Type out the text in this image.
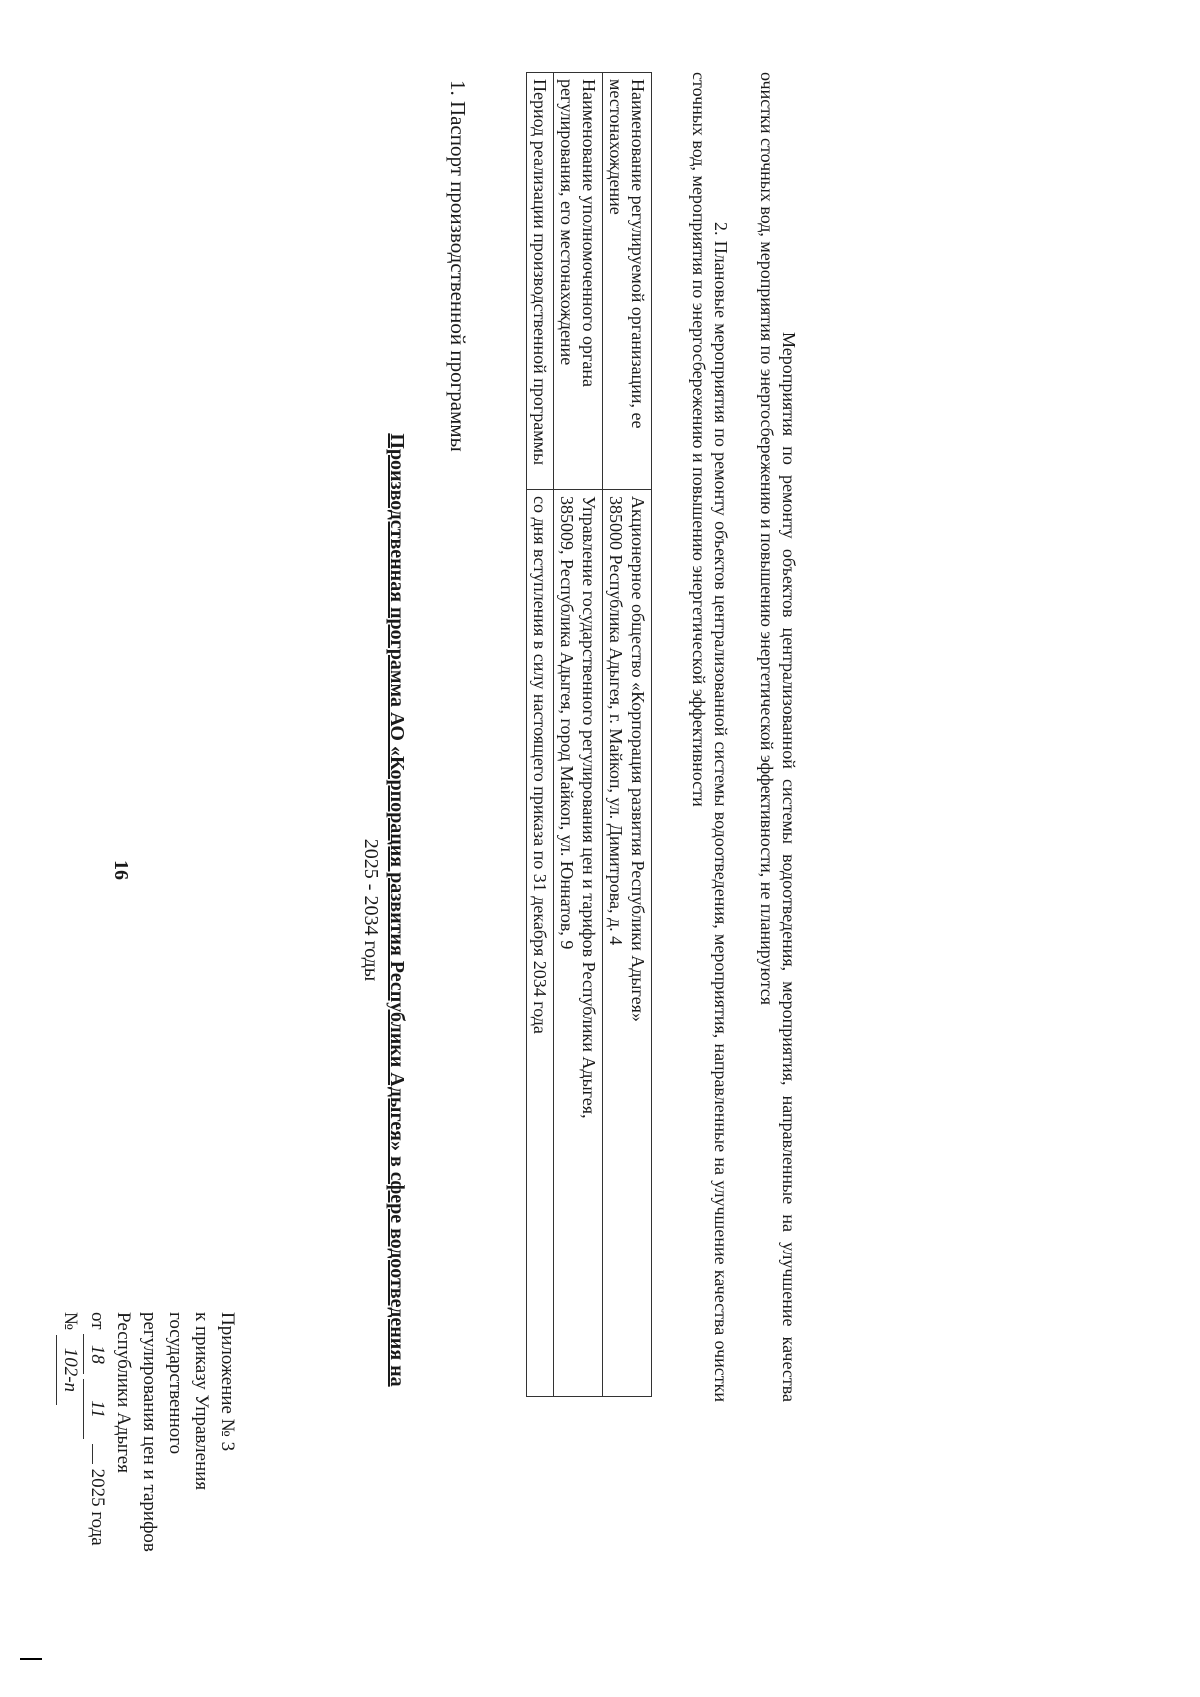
16
Приложение № 3
к приказу Управления
государственного
регулирования цен и тарифов
Республики Адыгея
от 18 11  2025 года
№ 102-п	Производственная программа АО «Корпорация развития Республики Адыгея» в сфере водоотведения на
2025 - 2034 годы
1. Паспорт производственной программы	Наименование регулируемой организации, ее местонахождение	Акционерное общество «Корпорация развития Республики Адыгея»
385000 Республика Адыгея, г. Майкоп, ул. Димитрова, д. 4

Наименование уполномоченного органа регулирования, его местонахождение	Управление государственного регулирования цен и тарифов Республики Адыгея,
385009, Республика Адыгея, город Майкоп, ул. Юннатов, 9

Период реализации производственной программы	со дня вступления в силу настоящего приказа по 31 декабря 2034 года	2. Плановые мероприятия по ремонту объектов централизованной системы водоотведения, мероприятия, направленные на улучшение качества очистки сточных вод, мероприятия по энергосбережению и повышению энергетической эффективности	Мероприятия по ремонту объектов централизованной системы водоотведения, мероприятия, направленные на улучшение качества очистки сточных вод, мероприятия по энергосбережению и повышению энергетической эффективности, не планируются
